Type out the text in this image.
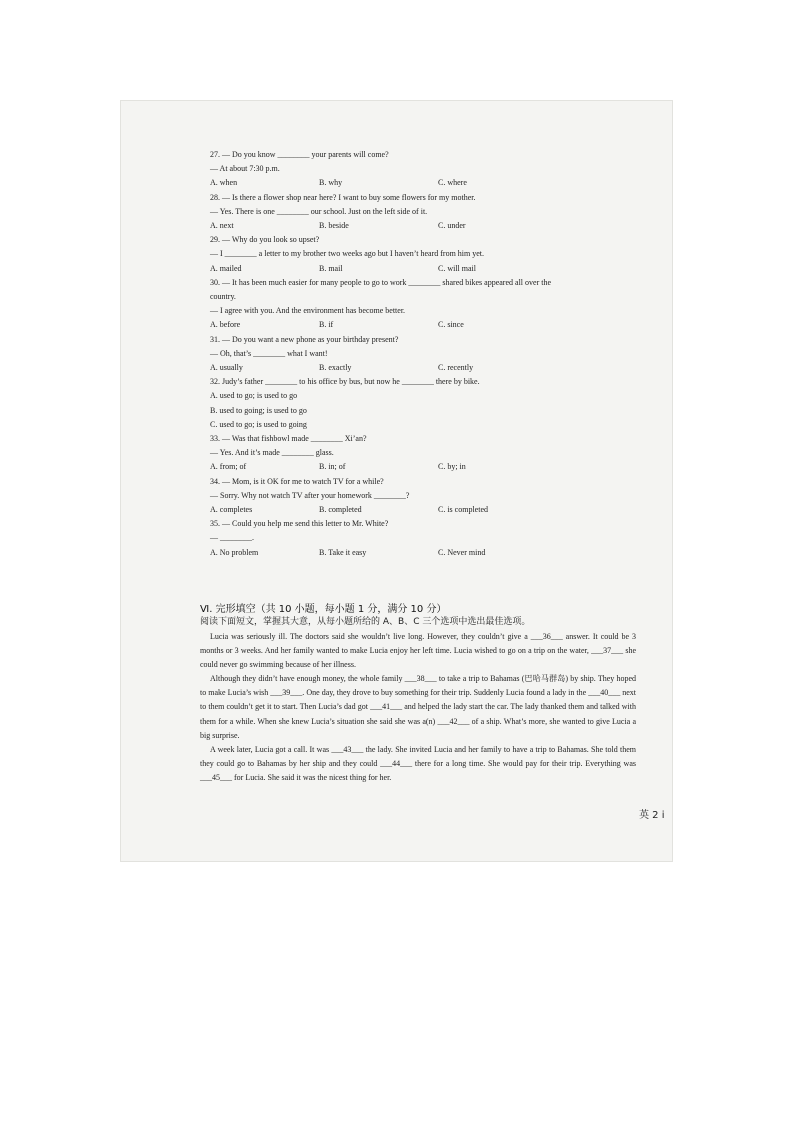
27. — Do you know ________ your parents will come?

— At about 7:30 p.m.

A. when	B. why	C. where

28. — Is there a flower shop near here? I want to buy some flowers for my mother.

— Yes. There is one ________ our school. Just on the left side of it.

A. next	B. beside	C. under

29. — Why do you look so upset?

— I ________ a letter to my brother two weeks ago but I haven’t heard from him yet.

A. mailed	B. mail	C. will mail

30. — It has been much easier for many people to go to work ________ shared bikes appeared all over the

country.

— I agree with you. And the environment has become better.

A. before	B. if	C. since

31. — Do you want a new phone as your birthday present?

— Oh, that’s ________ what I want!

A. usually	B. exactly	C. recently

32. Judy’s father ________ to his office by bus, but now he ________ there by bike.

A. used to go; is used to go

B. used to going; is used to go

C. used to go; is used to going

33. — Was that fishbowl made ________ Xi’an?

— Yes. And it’s made ________ glass.

A. from; of	B. in; of	C. by; in

34. — Mom, is it OK for me to watch TV for a while?

— Sorry. Why not watch TV after your homework ________?

A. completes	B. completed	C. is completed

35. — Could you help me send this letter to Mr. White?

— ________.

A. No problem	B. Take it easy	C. Never mind
Ⅵ. 完形填空（共 10 小题，每小题 1 分，满分 10 分）
阅读下面短文，掌握其大意，从每小题所给的 A、B、C 三个选项中选出最佳选项。

Lucia was seriously ill. The doctors said she wouldn’t live long. However, they couldn’t give a ___36___ answer. It could be 3 months or 3 weeks. And her family wanted to make Lucia enjoy her left time. Lucia wished to go on a trip on the water, ___37___ she could never go swimming because of her illness.

Although they didn’t have enough money, the whole family ___38___ to take a trip to Bahamas (巴哈马群岛) by ship. They hoped to make Lucia’s wish ___39___. One day, they drove to buy something for their trip. Suddenly Lucia found a lady in the ___40___ next to them couldn’t get it to start. Then Lucia’s dad got ___41___ and helped the lady start the car. The lady thanked them and talked with them for a while. When she knew Lucia’s situation she said she was a(n) ___42___ of a ship. What’s more, she wanted to give Lucia a big surprise.

A week later, Lucia got a call. It was ___43___ the lady. She invited Lucia and her family to have a trip to Bahamas. She told them they could go to Bahamas by her ship and they could ___44___ there for a long time. She would pay for their trip. Everything was ___45___ for Lucia. She said it was the nicest thing for her.

英 2 i
